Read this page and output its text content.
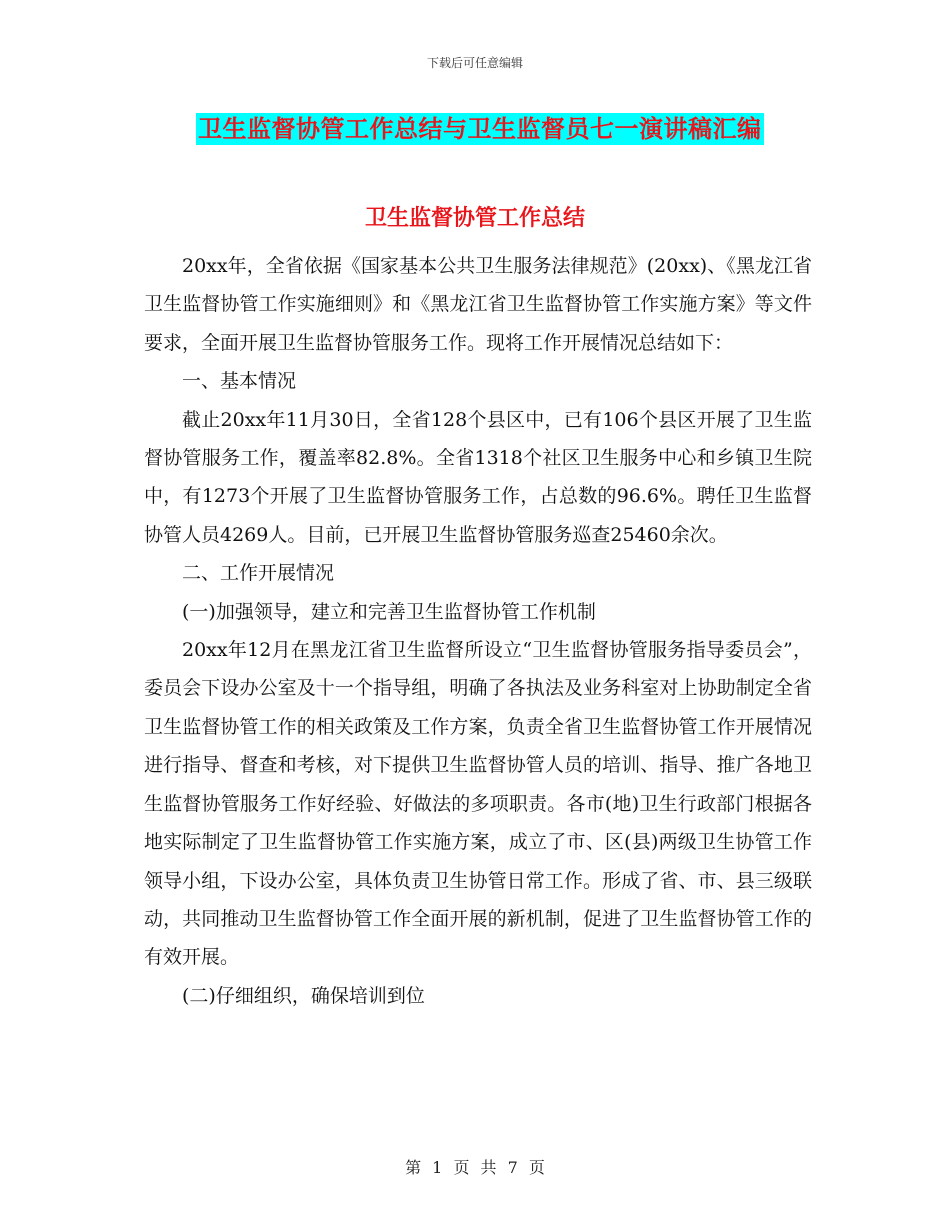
下载后可任意编辑
卫生监督协管工作总结与卫生监督员七一演讲稿汇编
卫生监督协管工作总结

20xx年，全省依据《国家基本公共卫生服务法律规范》(20xx)、《黑龙江省卫生监督协管工作实施细则》和《黑龙江省卫生监督协管工作实施方案》等文件要求，全面开展卫生监督协管服务工作。现将工作开展情况总结如下：

一、基本情况

截止20xx年11月30日，全省128个县区中，已有106个县区开展了卫生监督协管服务工作，覆盖率82.8%。全省1318个社区卫生服务中心和乡镇卫生院中，有1273个开展了卫生监督协管服务工作，占总数的96.6%。聘任卫生监督协管人员4269人。目前，已开展卫生监督协管服务巡查25460余次。

二、工作开展情况

(一)加强领导，建立和完善卫生监督协管工作机制

20xx年12月在黑龙江省卫生监督所设立“卫生监督协管服务指导委员会”，委员会下设办公室及十一个指导组，明确了各执法及业务科室对上协助制定全省卫生监督协管工作的相关政策及工作方案，负责全省卫生监督协管工作开展情况进行指导、督查和考核，对下提供卫生监督协管人员的培训、指导、推广各地卫生监督协管服务工作好经验、好做法的多项职责。各市(地)卫生行政部门根据各地实际制定了卫生监督协管工作实施方案，成立了市、区(县)两级卫生协管工作领导小组，下设办公室，具体负责卫生协管日常工作。形成了省、市、县三级联动，共同推动卫生监督协管工作全面开展的新机制，促进了卫生监督协管工作的有效开展。

(二)仔细组织，确保培训到位

第 1 页 共 7 页
